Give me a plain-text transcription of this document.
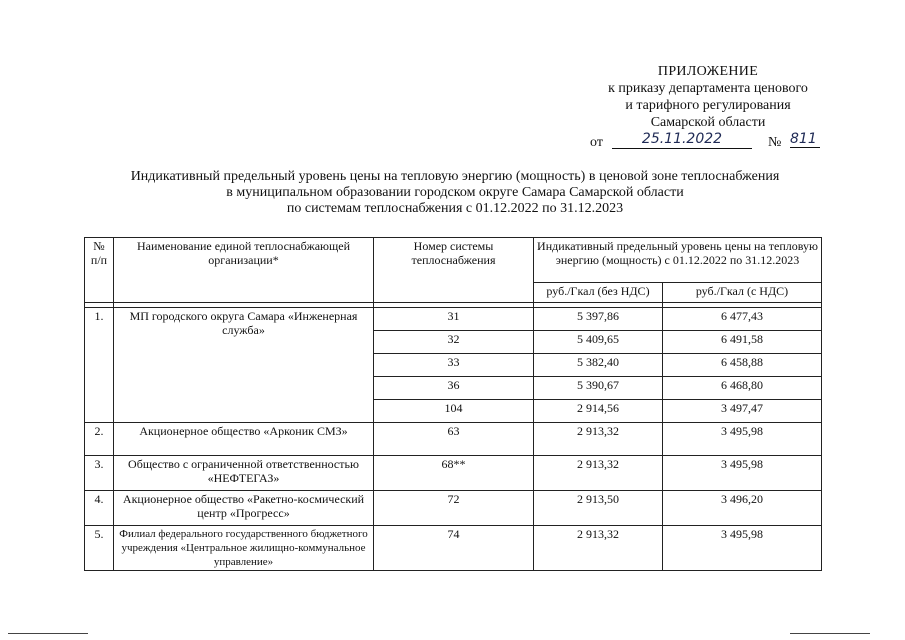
ПРИЛОЖЕНИЕ
к приказу департамента ценового
и тарифного регулирования
Самарской области
от	25.11.2022	№ 811
Индикативный предельный уровень цены на тепловую энергию (мощность) в ценовой зоне теплоснабжения
в муниципальном образовании городском округе Самара Самарской области
по системам теплоснабжения с 01.12.2022 по 31.12.2023
№ п/п	Наименование единой теплоснабжающей организации*	Номер системы теплоснабжения	Индикативный предельный уровень цены на тепловую энергию (мощность) с 01.12.2022 по 31.12.2023	
			руб./Гкал (без НДС)	руб./Гкал (с НДС)

1.	МП городского округа Самара «Инженерная служба»	31	5 397,86	6 477,43
		32	5 409,65	6 491,58
		33	5 382,40	6 458,88
		36	5 390,67	6 468,80
		104	2 914,56	3 497,47
2.	Акционерное общество «Арконик СМЗ»	63	2 913,32	3 495,98
3.	Общество с ограниченной ответственностью «НЕФТЕГАЗ»	68**	2 913,32	3 495,98
4.	Акционерное общество «Ракетно-космический центр «Прогресс»	72	2 913,50	3 496,20
5.	Филиал федерального государственного бюджетного учреждения «Центральное жилищно-коммунальное управление»	74	2 913,32	3 495,98
